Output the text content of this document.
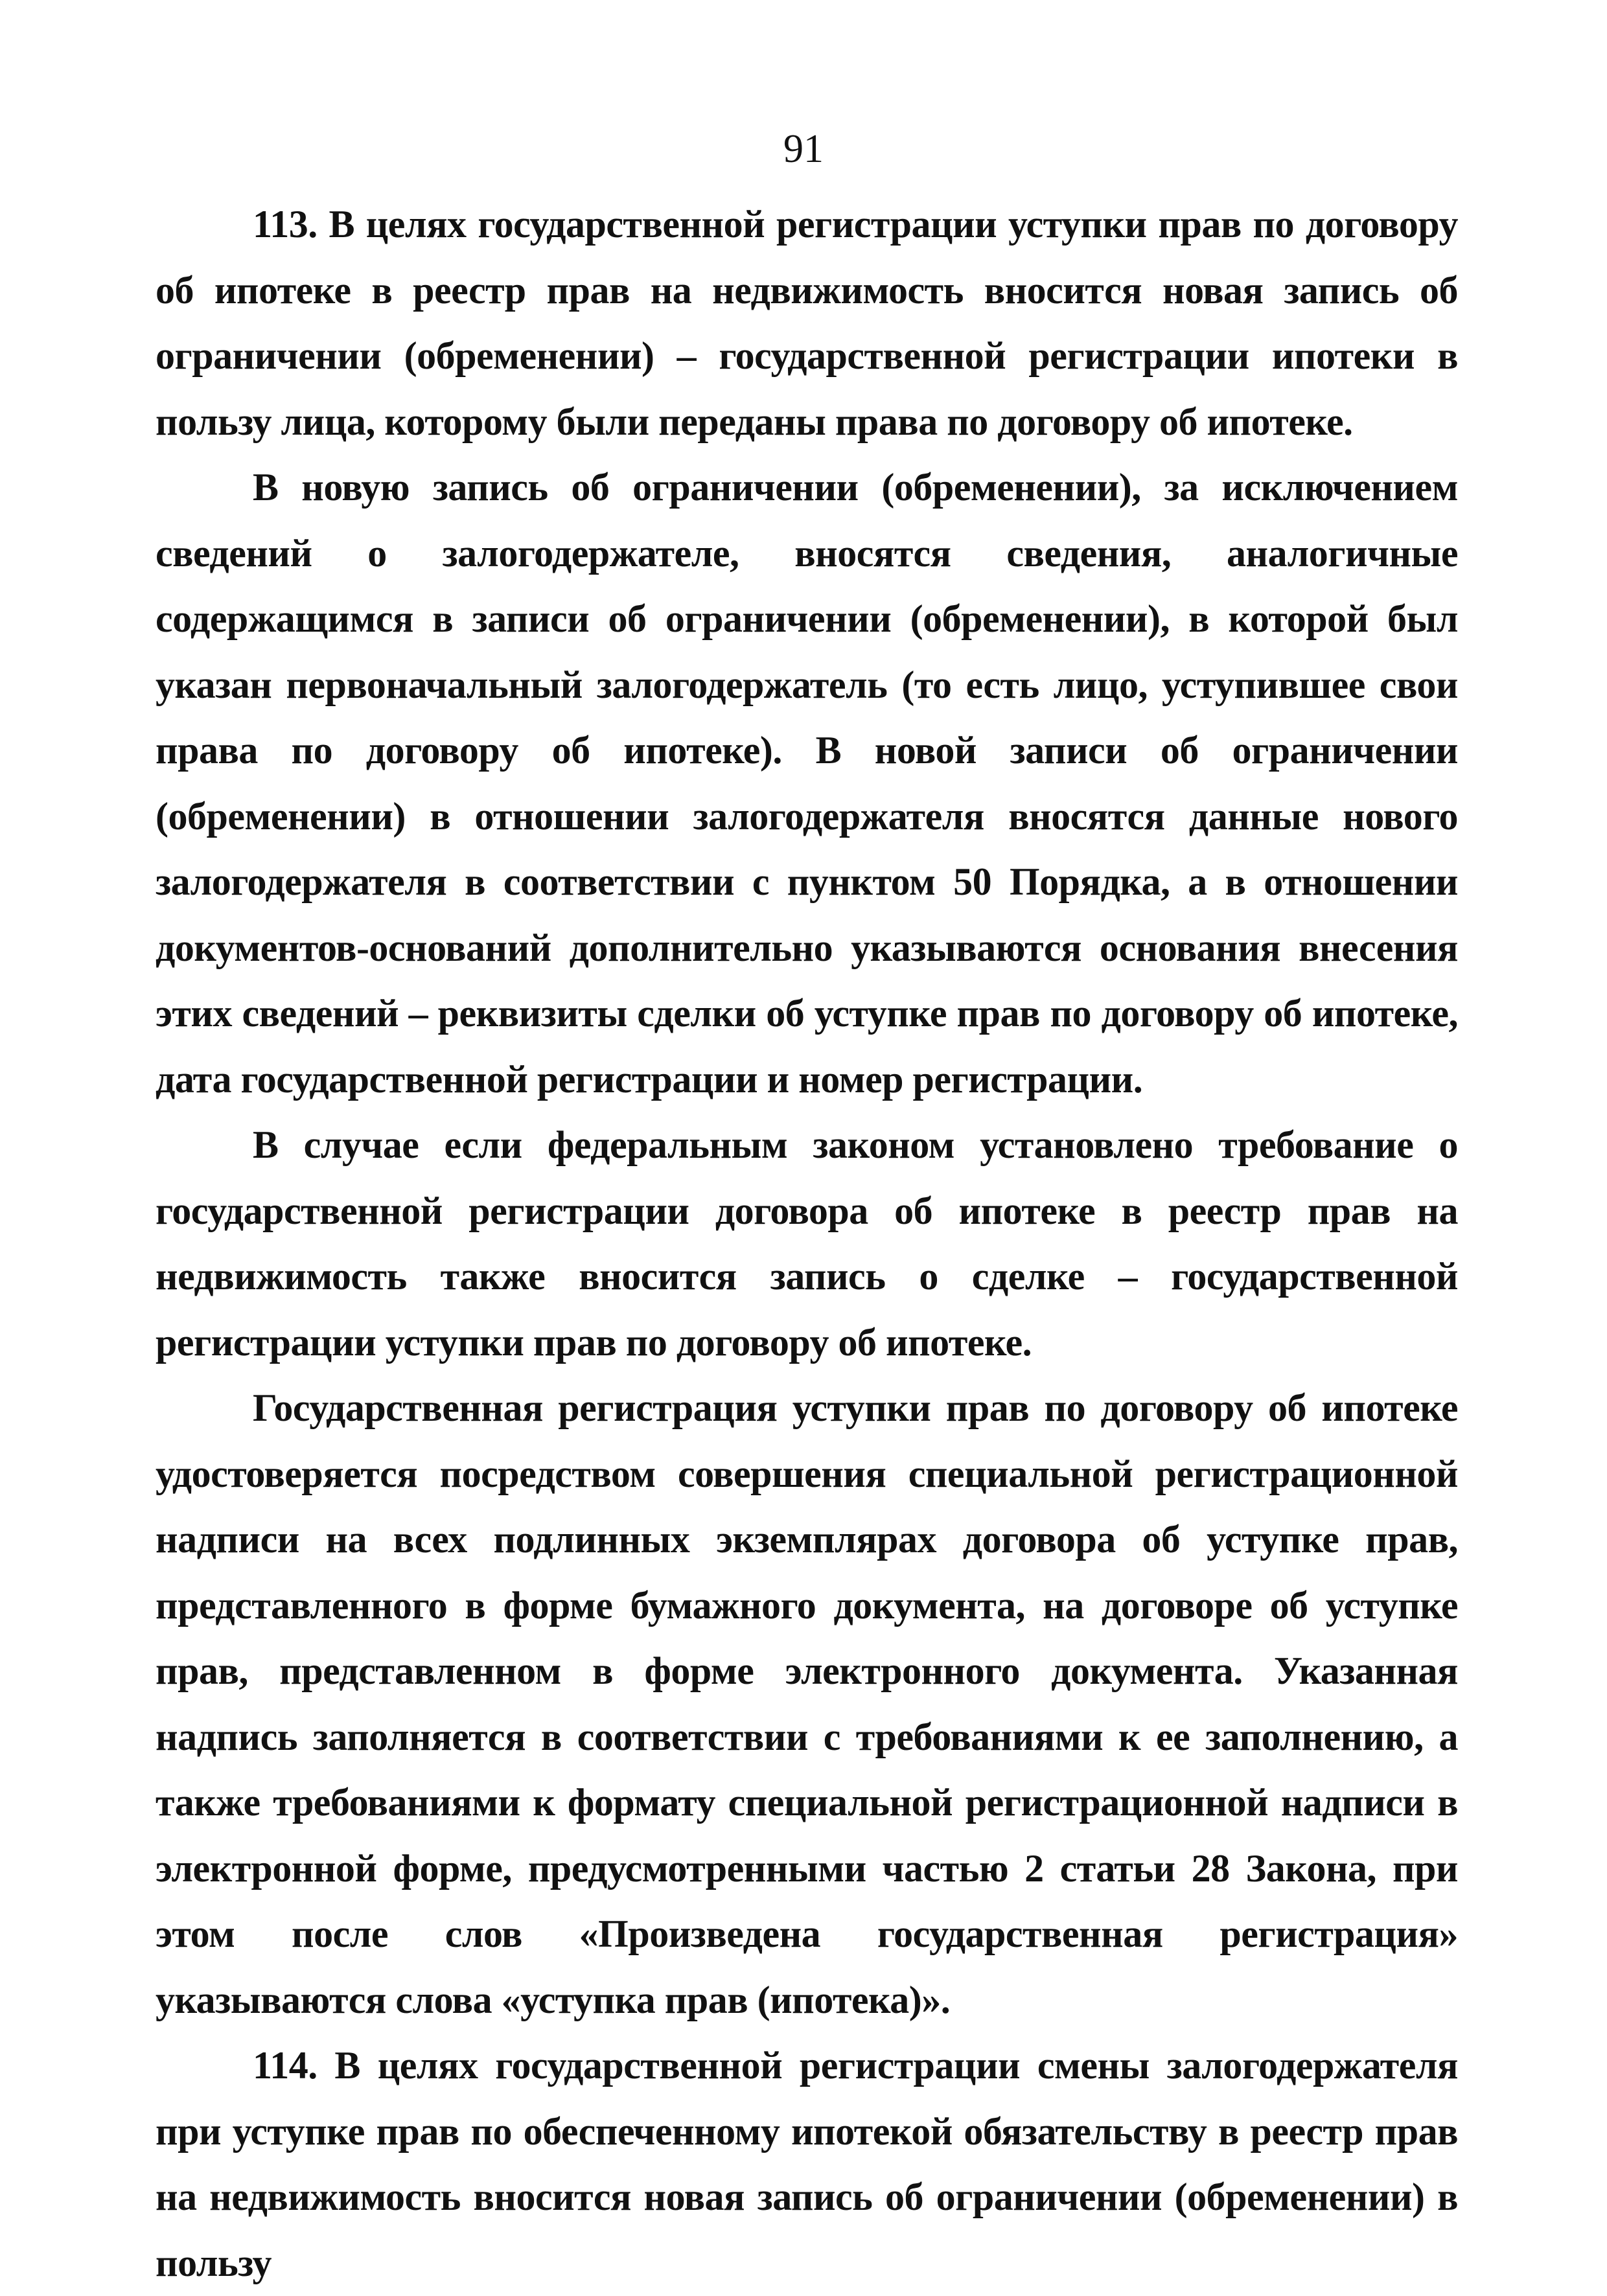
91

113. В целях государственной регистрации уступки прав по договору об ипотеке в реестр прав на недвижимость вносится новая запись об ограничении (обременении) – государственной регистрации ипотеки в пользу лица, которому были переданы права по договору об ипотеке.

В новую запись об ограничении (обременении), за исключением сведений о залогодержателе, вносятся сведения, аналогичные содержащимся в записи об ограничении (обременении), в которой был указан первоначальный залогодержатель (то есть лицо, уступившее свои права по договору об ипотеке). В новой записи об ограничении (обременении) в отношении залогодержателя вносятся данные нового залогодержателя в соответствии с пунктом 50 Порядка, а в отношении документов-оснований дополнительно указываются основания внесения этих сведений – реквизиты сделки об уступке прав по договору об ипотеке, дата государственной регистрации и номер регистрации.

В случае если федеральным законом установлено требование о государственной регистрации договора об ипотеке в реестр прав на недвижимость также вносится запись о сделке – государственной регистрации уступки прав по договору об ипотеке.

Государственная регистрация уступки прав по договору об ипотеке удостоверяется посредством совершения специальной регистрационной надписи на всех подлинных экземплярах договора об уступке прав, представленного в форме бумажного документа, на договоре об уступке прав, представленном в форме электронного документа. Указанная надпись заполняется в соответствии с требованиями к ее заполнению, а также требованиями к формату специальной регистрационной надписи в электронной форме, предусмотренными частью 2 статьи 28 Закона, при этом после слов «Произведена государственная регистрация» указываются слова «уступка прав (ипотека)».

114. В целях государственной регистрации смены залогодержателя при уступке прав по обеспеченному ипотекой обязательству в реестр прав на недвижимость вносится новая запись об ограничении (обременении) в пользу
